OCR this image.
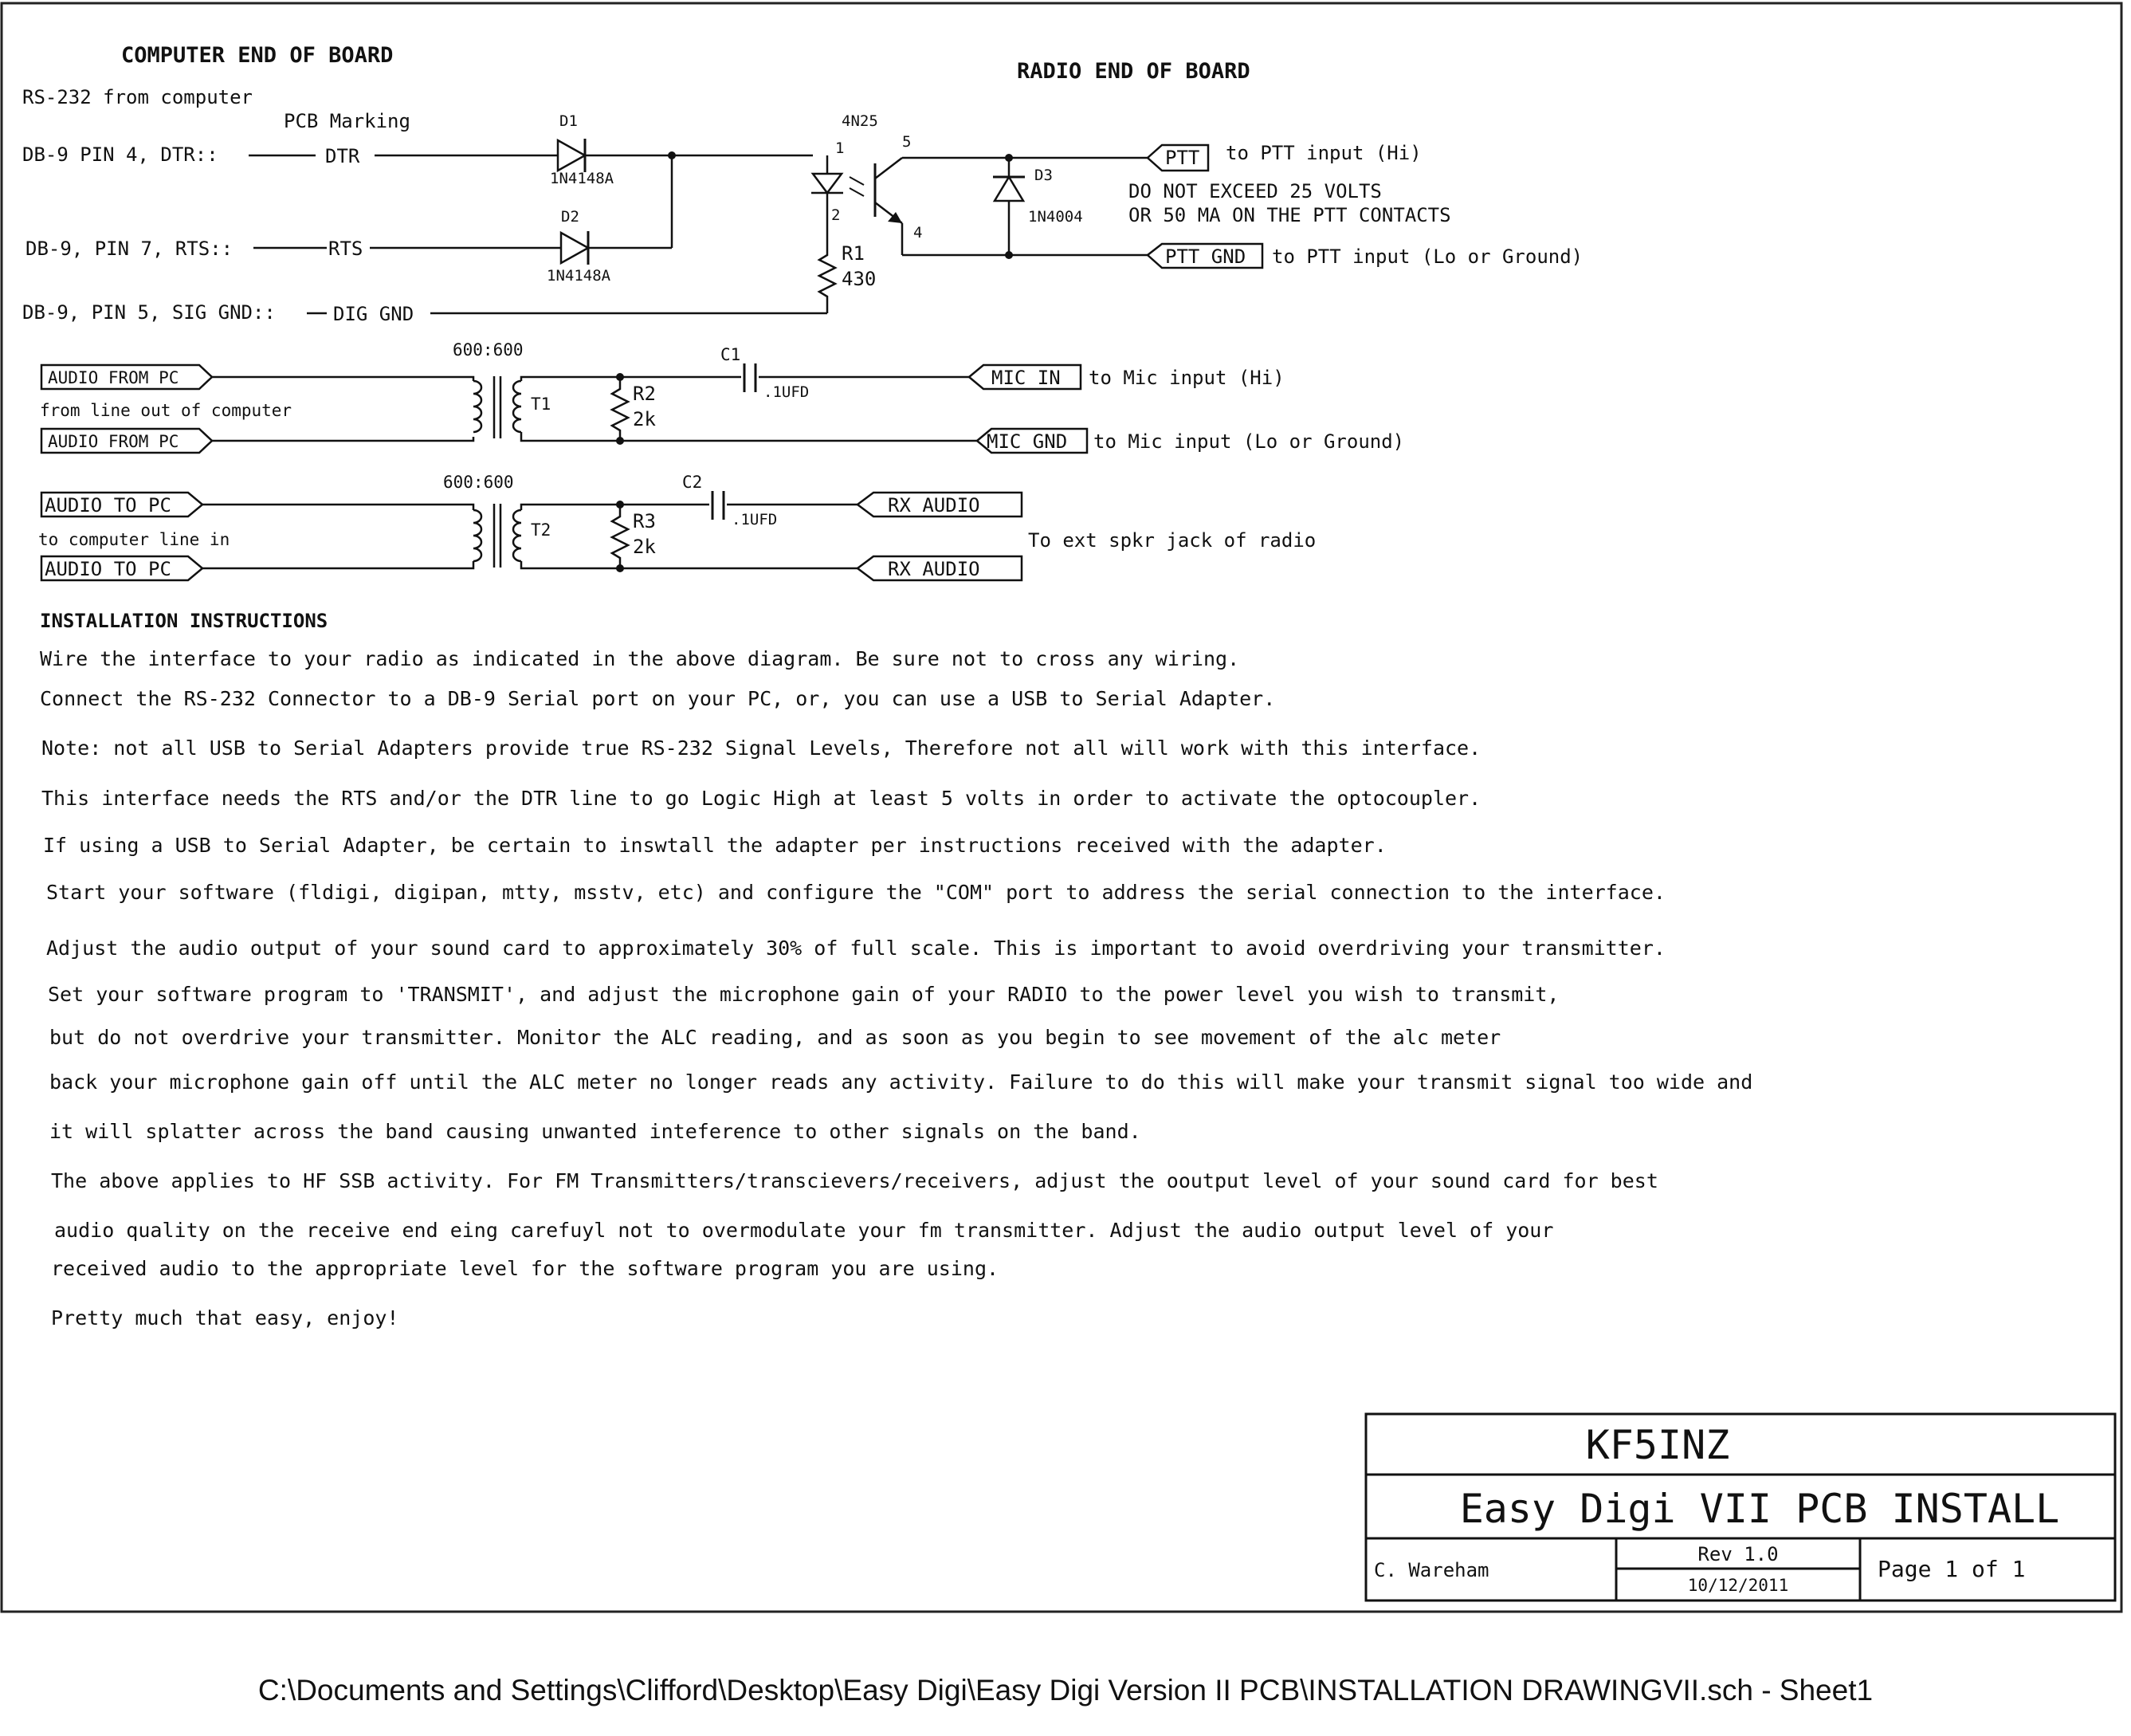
COMPUTER END OF BOARD
RADIO END OF BOARD
RS-232 from computer
PCB Marking
DB-9 PIN 4, DTR::	DTR
D1
1N4148A
DB-9, PIN 7, RTS::	RTS
D2
1N4148A
DB-9, PIN 5, SIG GND::	DIG GND
4N25
1
2
5
4
R1
430
D3
1N4004
PTT to PTT input (Hi)
DO NOT EXCEED 25 VOLTS
OR 50 MA ON THE PTT CONTACTS
PTT GND to PTT input (Lo or Ground)
AUDIO FROM PC
from line out of computer
AUDIO FROM PC
600:600
T1	R2
2k
C1
.1UFD
MIC IN to Mic input (Hi)
MIC GND to Mic input (Lo or Ground)
AUDIO TO PC
to computer line in
AUDIO TO PC
600:600
T2	R3
2k
C2
.1UFD
RX AUDIO
RX AUDIO
To ext spkr jack of radio
INSTALLATION INSTRUCTIONS
Wire the interface to your radio as indicated in the above diagram. Be sure not to cross any wiring.
Connect the RS-232 Connector to a DB-9 Serial port on your PC, or, you can use a USB to Serial Adapter.
Note: not all USB to Serial Adapters provide true RS-232 Signal Levels, Therefore not all will work with this interface.
This interface needs the RTS and/or the DTR line to go Logic High at least 5 volts in order to activate the optocoupler.
If using a USB to Serial Adapter, be certain to inswtall the adapter per instructions received with the adapter.
Start your software (fldigi, digipan, mtty, msstv, etc) and configure the "COM" port to address the serial connection to the interface.
Adjust the audio output of your sound card to approximately 30% of full scale. This is important to avoid overdriving your transmitter.
Set your software program to 'TRANSMIT', and adjust the microphone gain of your RADIO to the power level you wish to transmit,
but do not overdrive your transmitter. Monitor the ALC reading, and as soon as you begin to see movement of the alc meter
back your microphone gain off until the ALC meter no longer reads any activity. Failure to do this will make your transmit signal too wide and
it will splatter across the band causing unwanted inteference to other signals on the band.
The above applies to HF SSB activity. For FM Transmitters/transcievers/receivers, adjust the ooutput level of your sound card for best
audio quality on the receive end eing carefuyl not to overmodulate your fm transmitter. Adjust the audio output level of your
received audio to the appropriate level for the software program you are using.
Pretty much that easy, enjoy!
KF5INZ
Easy Digi VII PCB INSTALL
C. Wareham
Rev 1.0
10/12/2011
Page 1 of 1
C:\Documents and Settings\Clifford\Desktop\Easy Digi\Easy Digi Version II PCB\INSTALLATION DRAWINGVII.sch - Sheet1
